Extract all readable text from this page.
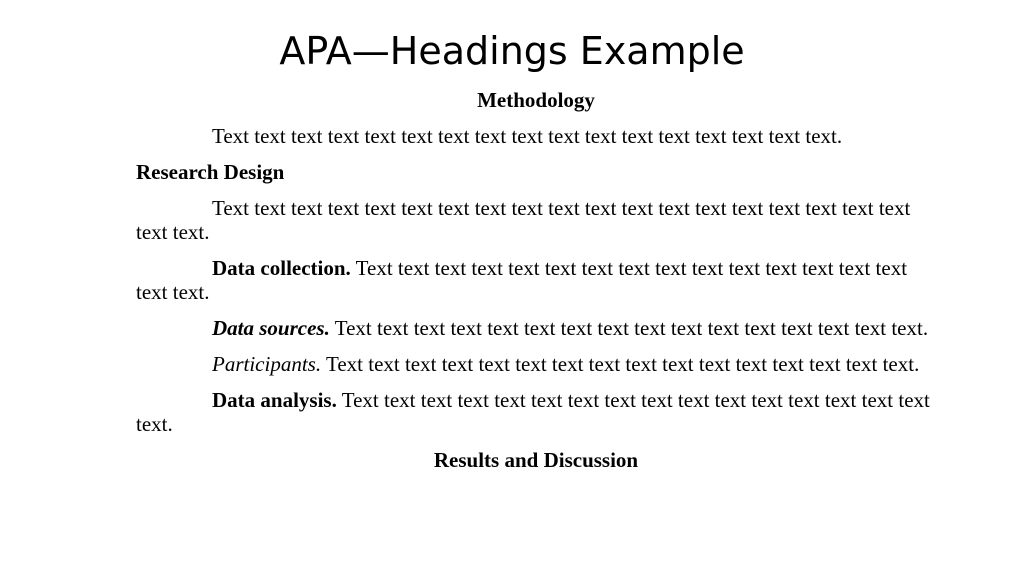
APA—Headings Example
Methodology
Text text text text text text text text text text text text text text text text text.
Research Design
Text text text text text text text text text text text text text text text text text text text text text.
Data collection. Text text text text text text text text text text text text text text text text text.
Data sources. Text text text text text text text text text text text text text text text text.
Participants. Text text text text text text text text text text text text text text text text.
Data analysis. Text text text text text text text text text text text text text text text text text.
Results and Discussion
